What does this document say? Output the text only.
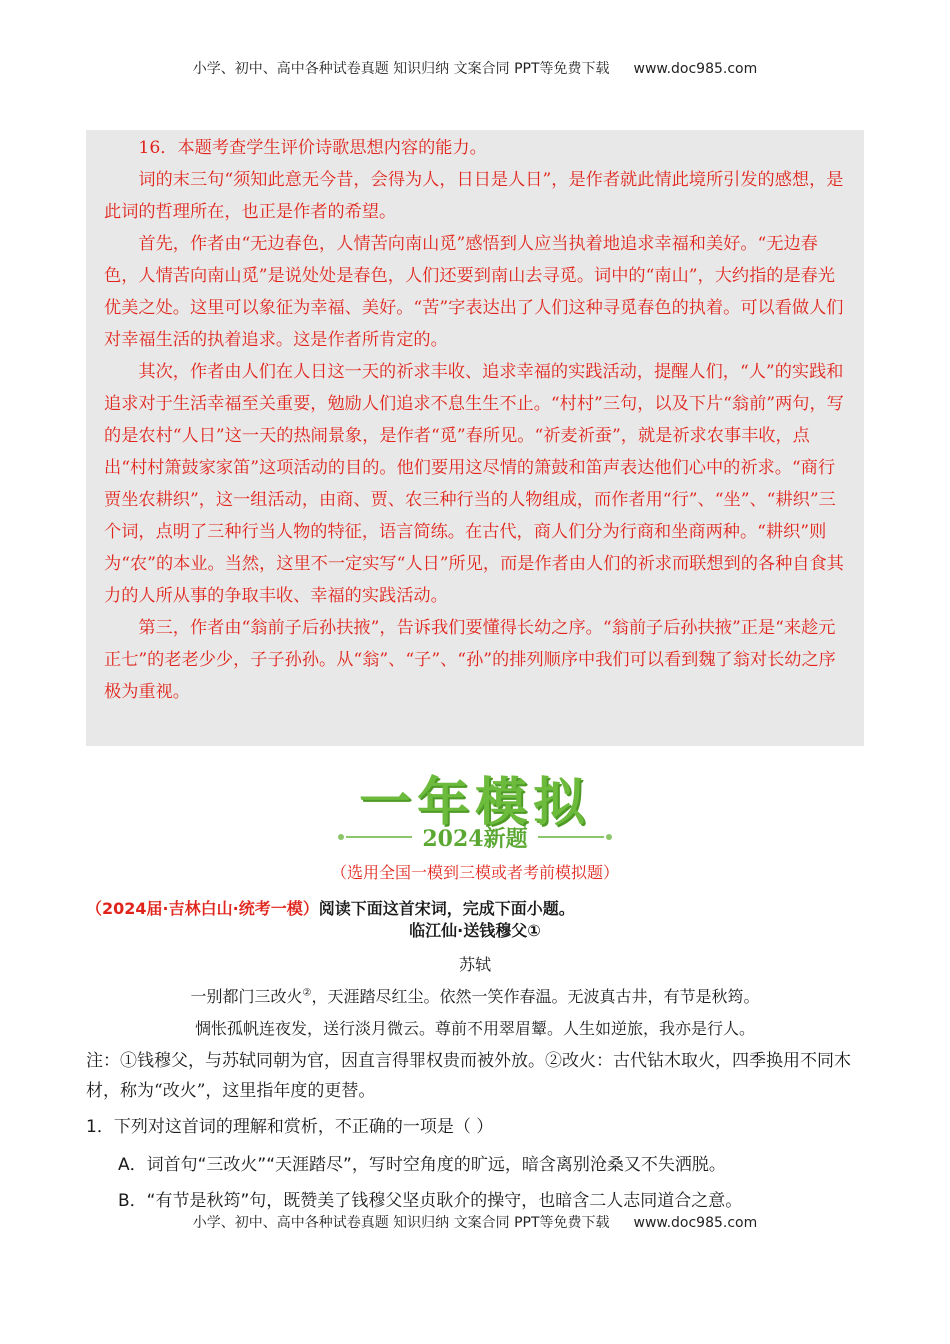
小学、初中、高中各种试卷真题 知识归纳 文案合同 PPT等免费下载 www.doc985.com

16．本题考查学生评价诗歌思想内容的能力。

词的末三句“须知此意无今昔，会得为人，日日是人日”，是作者就此情此境所引发的感想，是此词的哲理所在，也正是作者的希望。

首先，作者由“无边春色，人情苦向南山觅”感悟到人应当执着地追求幸福和美好。“无边春色，人情苦向南山觅”是说处处是春色，人们还要到南山去寻觅。词中的“南山”，大约指的是春光优美之处。这里可以象征为幸福、美好。“苦”字表达出了人们这种寻觅春色的执着。可以看做人们对幸福生活的执着追求。这是作者所肯定的。

其次，作者由人们在人日这一天的祈求丰收、追求幸福的实践活动，提醒人们，“人”的实践和追求对于生活幸福至关重要，勉励人们追求不息生生不止。“村村”三句，以及下片“翁前”两句，写的是农村“人日”这一天的热闹景象，是作者“觅”春所见。“祈麦祈蚕”，就是祈求农事丰收，点出“村村箫鼓家家笛”这项活动的目的。他们要用这尽情的箫鼓和笛声表达他们心中的祈求。“商行贾坐农耕织”，这一组活动，由商、贾、农三种行当的人物组成，而作者用“行”、“坐”、“耕织”三个词，点明了三种行当人物的特征，语言简练。在古代，商人们分为行商和坐商两种。“耕织”则为“农”的本业。当然，这里不一定实写“人日”所见，而是作者由人们的祈求而联想到的各种自食其力的人所从事的争取丰收、幸福的实践活动。

第三，作者由“翁前子后孙扶掖”，告诉我们要懂得长幼之序。“翁前子后孙扶掖”正是“来趁元正七”的老老少少，子子孙孙。从“翁”、“子”、“孙”的排列顺序中我们可以看到魏了翁对长幼之序极为重视。

一年模拟
2024新题
（选用全国一模到三模或者考前模拟题）
（2024届·吉林白山·统考一模）阅读下面这首宋词，完成下面小题。
临江仙·送钱穆父①
苏轼
一别都门三改火②，天涯踏尽红尘。依然一笑作春温。无波真古井，有节是秋筠。
惆怅孤帆连夜发，送行淡月微云。尊前不用翠眉颦。人生如逆旅，我亦是行人。
注：①钱穆父，与苏轼同朝为官，因直言得罪权贵而被外放。②改火：古代钻木取火，四季换用不同木材，称为“改火”，这里指年度的更替。
1．下列对这首词的理解和赏析，不正确的一项是（ ）
A．词首句“三改火”“天涯踏尽”，写时空角度的旷远，暗含离别沧桑又不失洒脱。
B．“有节是秋筠”句，既赞美了钱穆父坚贞耿介的操守，也暗含二人志同道合之意。
小学、初中、高中各种试卷真题 知识归纳 文案合同 PPT等免费下载 www.doc985.com
